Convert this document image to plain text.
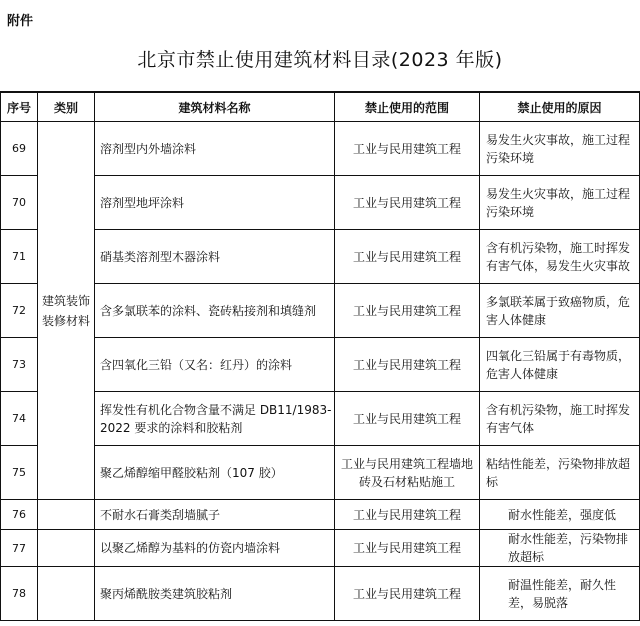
附件
北京市禁止使用建筑材料目录(2023 年版)
序号	类别	建筑材料名称	禁止使用的范围	禁止使用的原因
69	建筑装饰装修材料	溶剂型内外墙涂料	工业与民用建筑工程	易发生火灾事故，施工过程污染环境
70		溶剂型地坪涂料	工业与民用建筑工程	易发生火灾事故，施工过程污染环境
71		硝基类溶剂型木器涂料	工业与民用建筑工程	含有机污染物，施工时挥发有害气体，易发生火灾事故
72		含多氯联苯的涂料、瓷砖粘接剂和填缝剂	工业与民用建筑工程	多氯联苯属于致癌物质，危害人体健康
73		含四氧化三铅（又名：红丹）的涂料	工业与民用建筑工程	四氧化三铅属于有毒物质，危害人体健康
74		挥发性有机化合物含量不满足 DB11/1983-2022 要求的涂料和胶粘剂	工业与民用建筑工程	含有机污染物，施工时挥发有害气体
75		聚乙烯醇缩甲醛胶粘剂（107 胶）	工业与民用建筑工程墙地砖及石材粘贴施工	粘结性能差，污染物排放超标
76		不耐水石膏类刮墙腻子	工业与民用建筑工程	耐水性能差，强度低
77		以聚乙烯醇为基料的仿瓷内墙涂料	工业与民用建筑工程	耐水性能差，污染物排放超标
78		聚丙烯酰胺类建筑胶粘剂	工业与民用建筑工程	耐温性能差，耐久性差，易脱落
